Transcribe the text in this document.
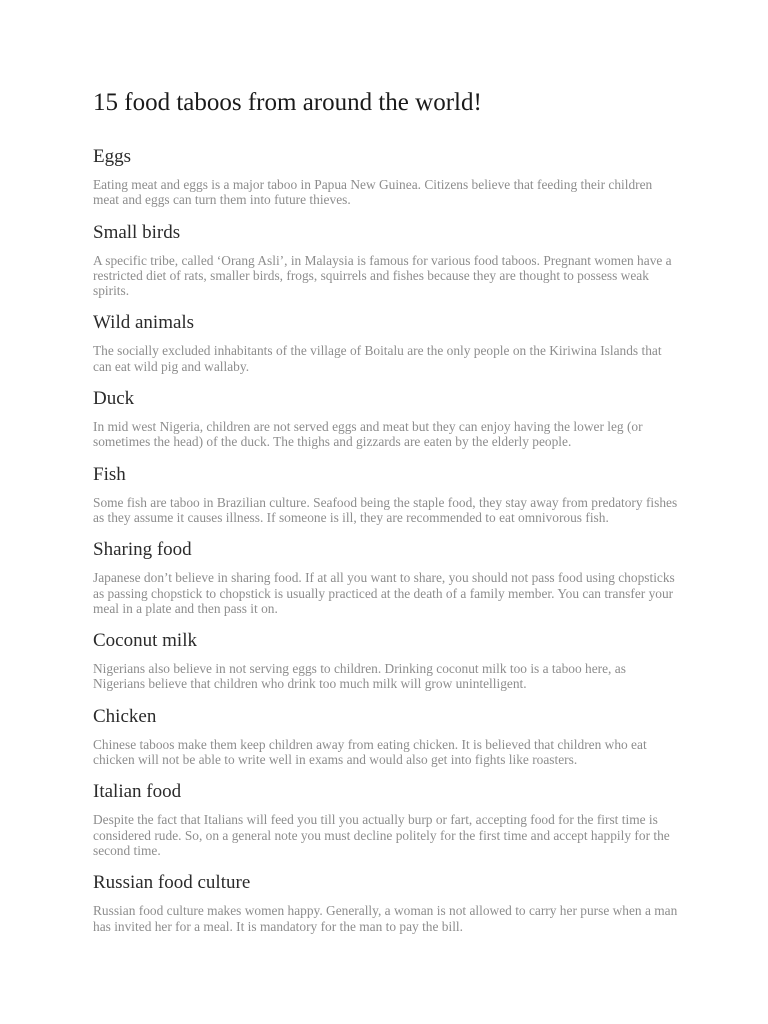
15 food taboos from around the world!
Eggs

Eating meat and eggs is a major taboo in Papua New Guinea. Citizens believe that feeding their children meat and eggs can turn them into future thieves.

Small birds

A specific tribe, called ‘Orang Asli’, in Malaysia is famous for various food taboos. Pregnant women have a restricted diet of rats, smaller birds, frogs, squirrels and fishes because they are thought to possess weak spirits.

Wild animals

The socially excluded inhabitants of the village of Boitalu are the only people on the Kiriwina Islands that can eat wild pig and wallaby.

Duck

In mid west Nigeria, children are not served eggs and meat but they can enjoy having the lower leg (or sometimes the head) of the duck. The thighs and gizzards are eaten by the elderly people.

Fish

Some fish are taboo in Brazilian culture. Seafood being the staple food, they stay away from predatory fishes as they assume it causes illness. If someone is ill, they are recommended to eat omnivorous fish.

Sharing food

Japanese don’t believe in sharing food. If at all you want to share, you should not pass food using chopsticks as passing chopstick to chopstick is usually practiced at the death of a family member. You can transfer your meal in a plate and then pass it on.

Coconut milk

Nigerians also believe in not serving eggs to children. Drinking coconut milk too is a taboo here, as Nigerians believe that children who drink too much milk will grow unintelligent.

Chicken

Chinese taboos make them keep children away from eating chicken. It is believed that children who eat chicken will not be able to write well in exams and would also get into fights like roasters.

Italian food

Despite the fact that Italians will feed you till you actually burp or fart, accepting food for the first time is considered rude. So, on a general note you must decline politely for the first time and accept happily for the second time.

Russian food culture

Russian food culture makes women happy. Generally, a woman is not allowed to carry her purse when a man has invited her for a meal. It is mandatory for the man to pay the bill.
